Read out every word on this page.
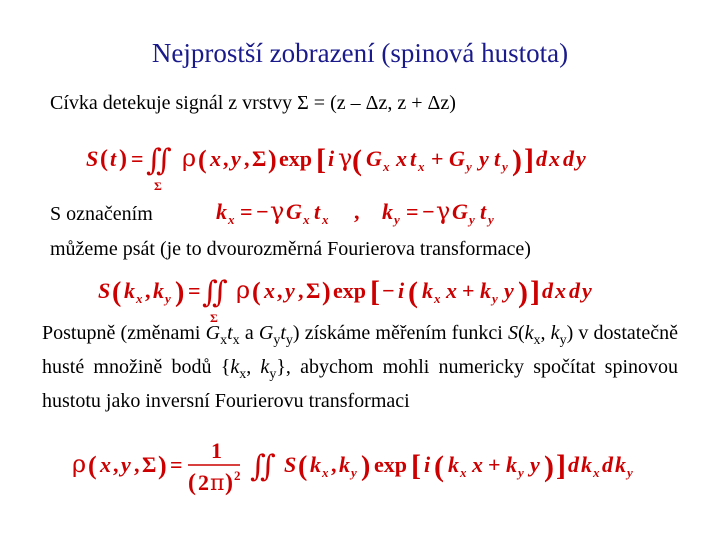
Nejprostší zobrazení (spinová hustota)
Cívka detekuje signál z vrstvy Σ = (z – Δz, z + Δz)
S ( t ) = ∬
Σ
ρ ( x , y , Σ ) exp [ i γ ( G x x t x + G y y t y ) ] d x d y
S označením	k x = − γ G x t x , k y = − γ G y t y
můžeme psát (je to dvourozměrná Fourierova transformace)
S ( k x , k y ) = ∬
Σ
ρ ( x , y , Σ ) exp [ − i ( k x x + k y y ) ] d x d y
Postupně (změnami $G_xt_x$ a $G_yt_y$) získáme měřením funkci $S(k_x$, $k_y$) v dostatečně husté množině bodů {$k_x$, $k_y$}, abychom mohli numericky spočítat spinovou hustotu jako inversní Fourierovu transformaci
ρ ( x , y , Σ ) =
1
( 2 π ) 2 ∬ S ( k x , k y ) exp [ i ( k x x + k y y ) ] d k x d k y
